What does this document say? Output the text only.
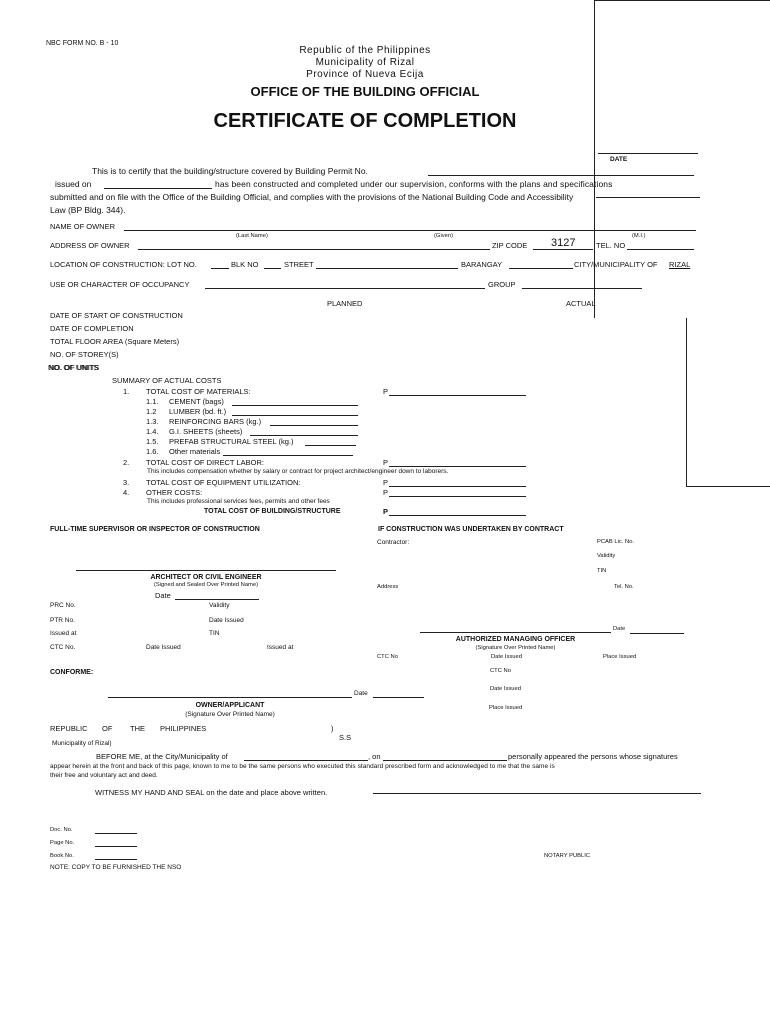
NBC FORM NO. B - 10
Republic of the Philippines
Municipality of Rizal
Province of Nueva Ecija
OFFICE OF THE BUILDING OFFICIAL
CERTIFICATE OF COMPLETION
DATE
This is to certify that the building/structure covered by Building Permit No.
issued on	has been constructed and completed under our supervision, conforms with the plans and specifications
submitted and on file with the Office of the Building Official, and complies with the provisions of the National Building Code and Accessibility
Law (BP Bldg. 344).
NAME OF OWNER
(Last Name)	(Given)	(M.I.)
ADDRESS OF OWNER	ZIP CODE 3127	TEL. NO
LOCATION OF CONSTRUCTION: LOT NO.	BLK NO	STREET	BARANGAY	CITY/MUNICIPALITY OF RIZAL
USE OR CHARACTER OF OCCUPANCY	GROUP
PLANNED	ACTUAL
DATE OF START OF CONSTRUCTION
DATE OF COMPLETION
TOTAL FLOOR AREA (Square Meters)
NO. OF STOREY(S)
NO. OF UNITS
SUMMARY OF ACTUAL COSTS
1. TOTAL COST OF MATERIALS:	P
1.1. CEMENT (bags)
1.2 LUMBER (bd. ft.)
1.3. REINFORCING BARS (kg.)
1.4. G.I. SHEETS (sheets)
1.5. PREFAB STRUCTURAL STEEL (kg.)
1.6. Other materials
2. TOTAL COST OF DIRECT LABOR:	P
This includes compensation whether by salary or contract for project architect/engineer down to laborers.
3. TOTAL COST OF EQUIPMENT UTILIZATION:	P
4. OTHER COSTS:	P
This includes professional services fees, permits and other fees
TOTAL COST OF BUILDING/STRUCTURE	P
FULL-TIME SUPERVISOR OR INSPECTOR OF CONSTRUCTION
ARCHITECT OR CIVIL ENGINEER
(Signed and Sealed Over Printed Name)
Date
PRC No.	Validity
PTR No.	Date Issued
Issued at	TIN
CTC No.	Date Issued	Issued at
IF CONSTRUCTION WAS UNDERTAKEN BY CONTRACT
Contractor:	PCAB Lic. No.
Validity
TIN
Address	Tel. No.
Date
AUTHORIZED MANAGING OFFICER
(Signature Over Printed Name)
CTC No	Date Issued	Place Issued
CONFORME:	CTC No
Date Issued
Date
OWNER/APPLICANT
(Signature Over Printed Name)
Place Issued
REPUBLIC OF THE PHILIPPINES	)
S.S
Municipality of Rizal)
BEFORE ME, at the City/Municipality of	, on	personally appeared the persons whose signatures
appear herein at the front and back of this page, known to me to be the same persons who executed this standard prescribed form and acknowledged to me that the same is
their free and voluntary act and deed.
WITNESS MY HAND AND SEAL on the date and place above written.
Doc. No.
Page No.
Book No.	NOTARY PUBLIC
NOTE: COPY TO BE FURNISHED THE NSO
